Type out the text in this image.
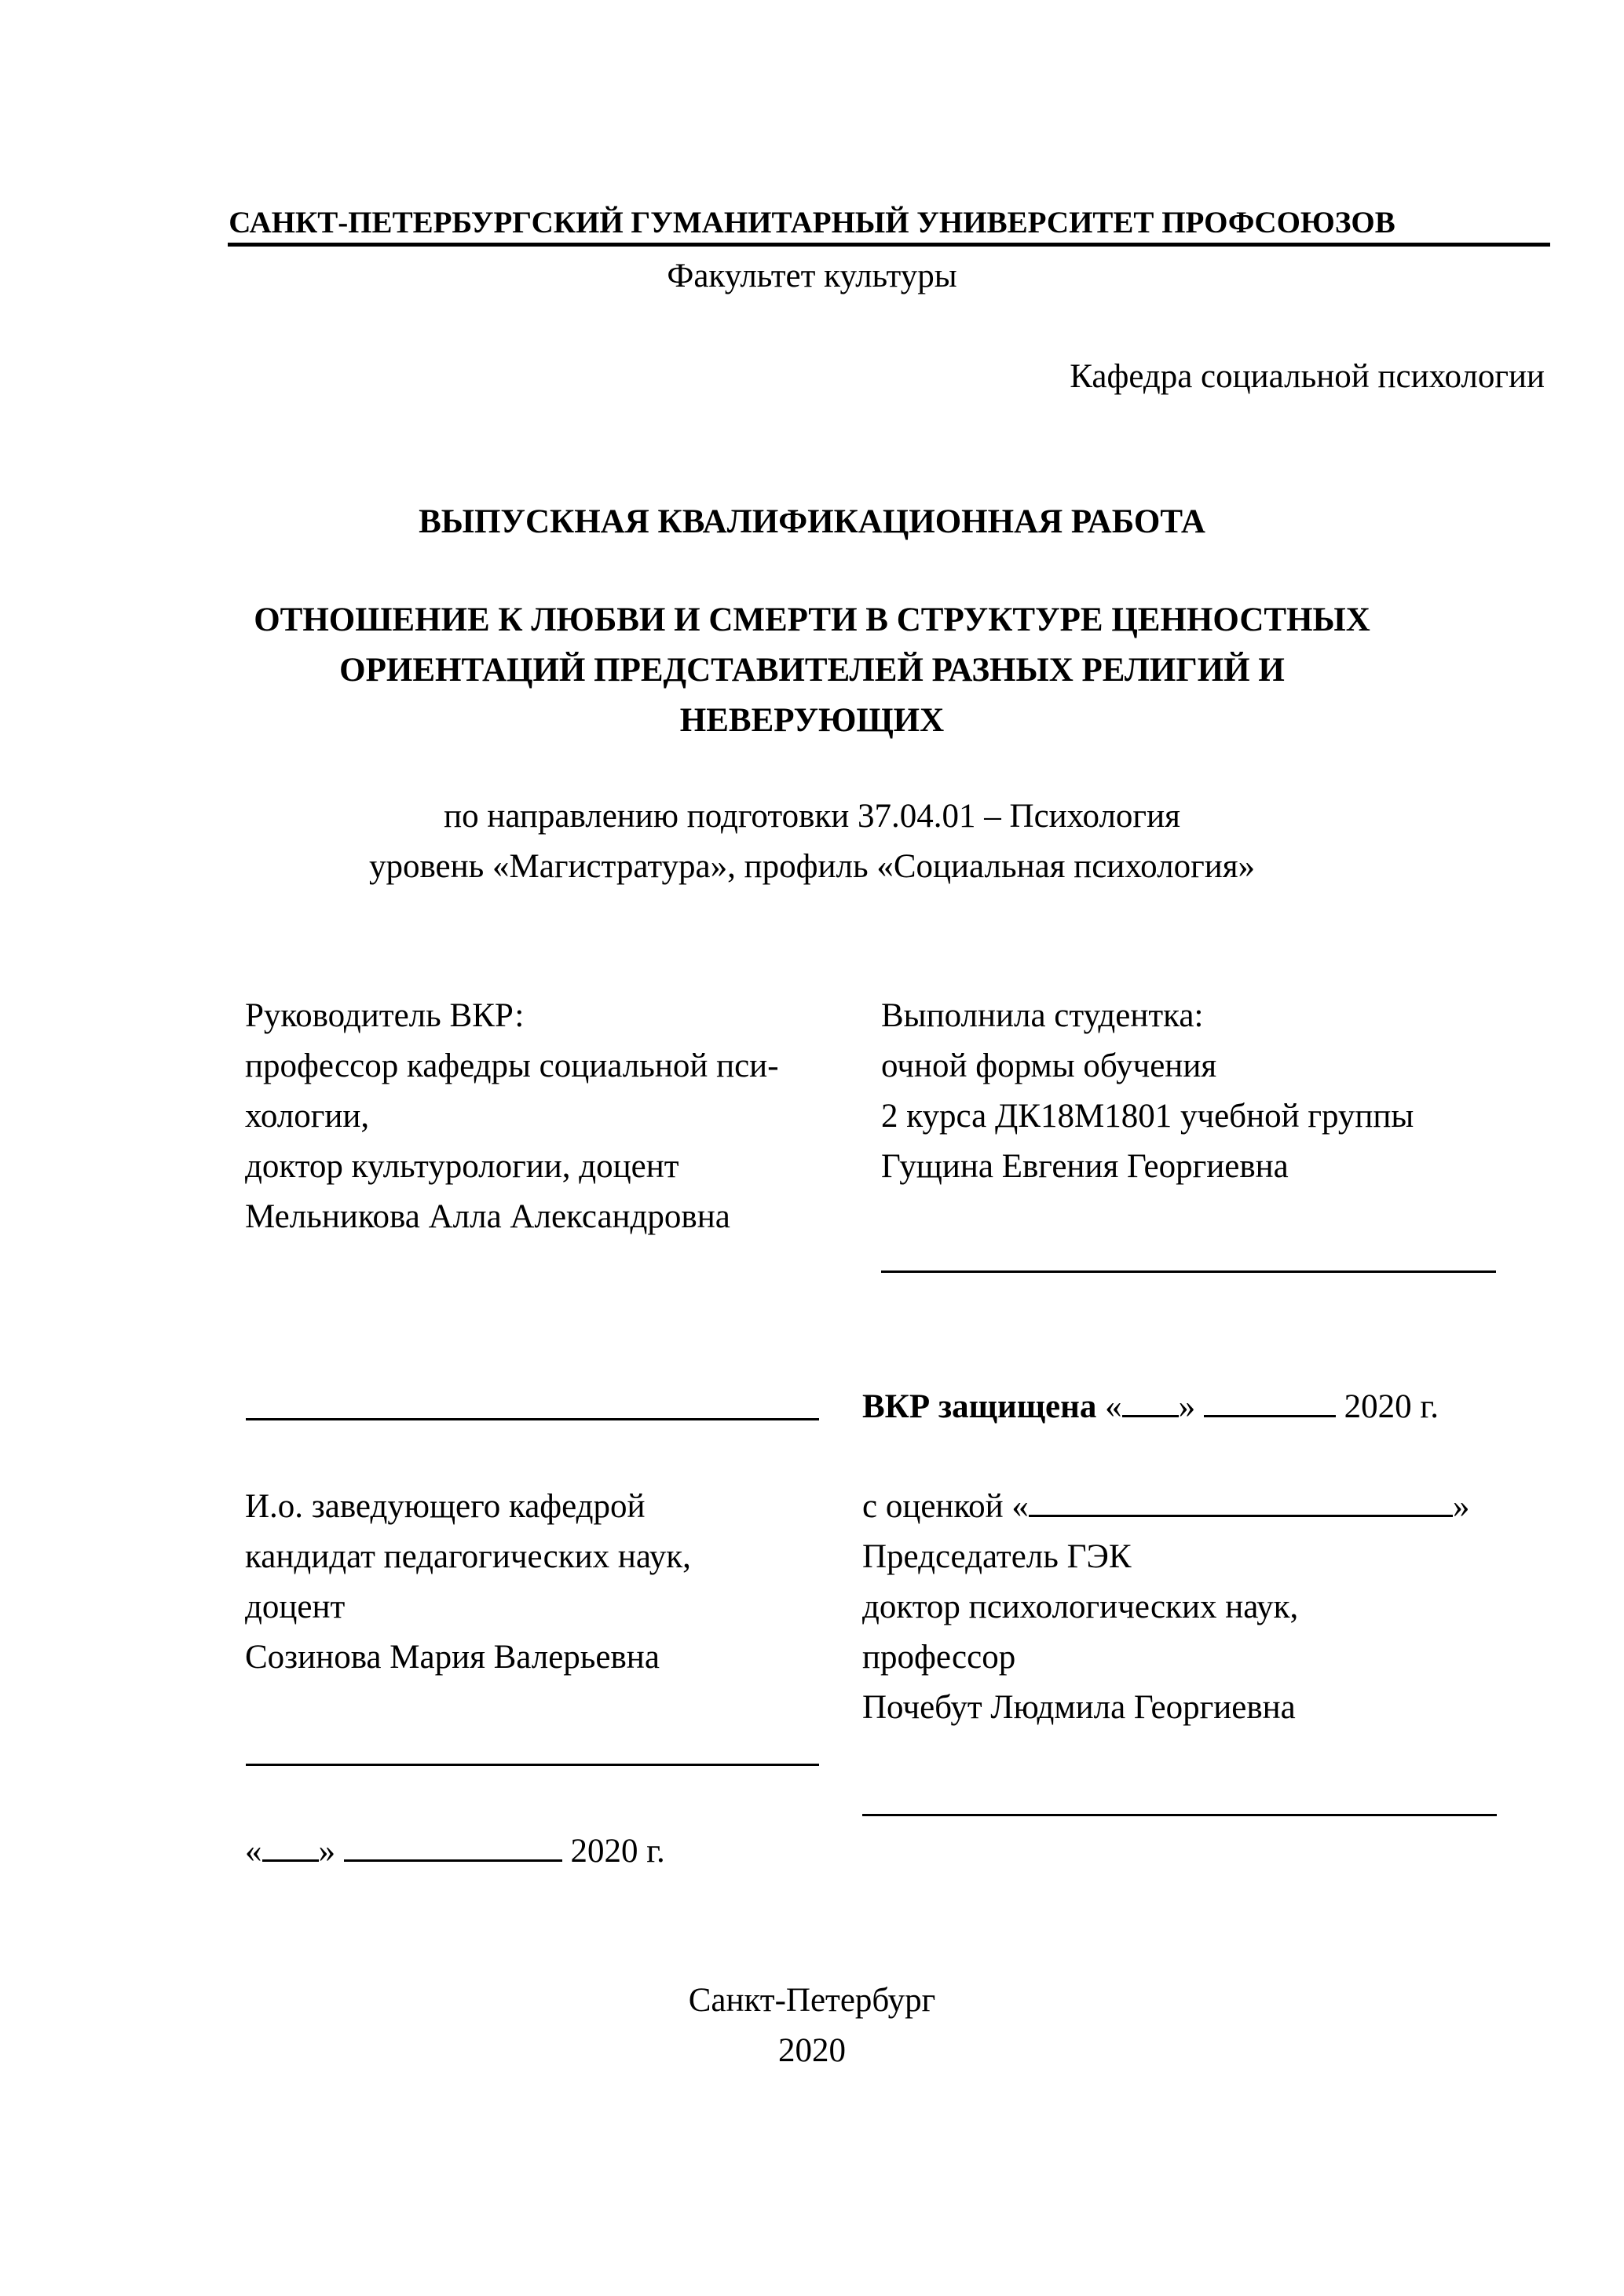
САНКТ-ПЕТЕРБУРГСКИЙ ГУМАНИТАРНЫЙ УНИВЕРСИТЕТ ПРОФСОЮЗОВ
Факультет культуры
Кафедра социальной психологии
ВЫПУСКНАЯ КВАЛИФИКАЦИОННАЯ РАБОТА
ОТНОШЕНИЕ К ЛЮБВИ И СМЕРТИ В СТРУКТУРЕ ЦЕННОСТНЫХ
ОРИЕНТАЦИЙ ПРЕДСТАВИТЕЛЕЙ РАЗНЫХ РЕЛИГИЙ И
НЕВЕРУЮЩИХ
по направлению подготовки 37.04.01 – Психология
уровень «Магистратура», профиль «Социальная психология»
Руководитель ВКР:
профессор кафедры социальной пси-
хологии,
доктор культурологии, доцент
Мельникова Алла Александровна
Выполнила студентка:
очной формы обучения
2 курса ДК18М1801 учебной группы
Гущина Евгения Георгиевна
ВКР защищена « »	2020 г.
И.о. заведующего кафедрой
кандидат педагогических наук,
доцент
Созинова Мария Валерьевна
« »	2020 г.
с оценкой «	»
Председатель ГЭК
доктор психологических наук,
профессор
Почебут Людмила Георгиевна
Санкт-Петербург
2020
